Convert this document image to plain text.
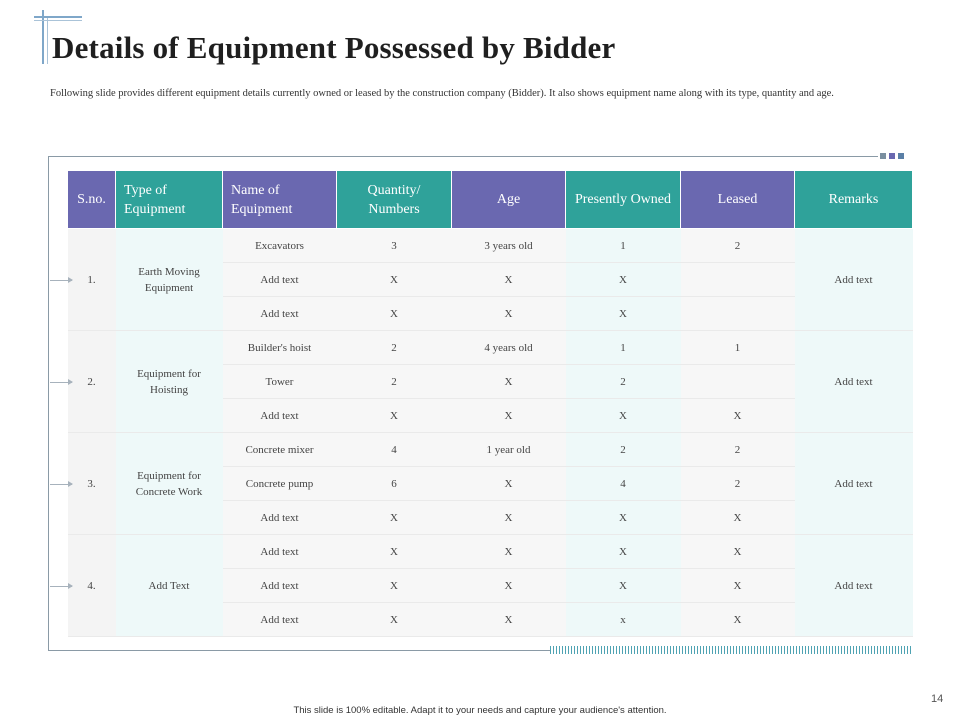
Details of Equipment Possessed by Bidder
Following slide provides different equipment details currently owned or leased by the construction company (Bidder). It also shows equipment name along with its type, quantity and age.
S.no.	Type of Equipment	Name of Equipment	Quantity/ Numbers	Age	Presently Owned	Leased	Remarks

1.	Earth Moving Equipment	Excavators	3	3 years old	1	2	Add text
		Add text	X	X	X		
		Add text	X	X	X		

2.	Equipment for Hoisting	Builder's hoist	2	4 years old	1	1	Add text
		Tower	2	X	2		
		Add text	X	X	X	X	

3.	Equipment for Concrete Work	Concrete mixer	4	1 year old	2	2	Add text
		Concrete pump	6	X	4	2	
		Add text	X	X	X	X	

4.	Add Text	Add text	X	X	X	X	Add text
		Add text	X	X	X	X	
		Add text	X	X	x	X	
14
This slide is 100% editable. Adapt it to your needs and capture your audience's attention.
